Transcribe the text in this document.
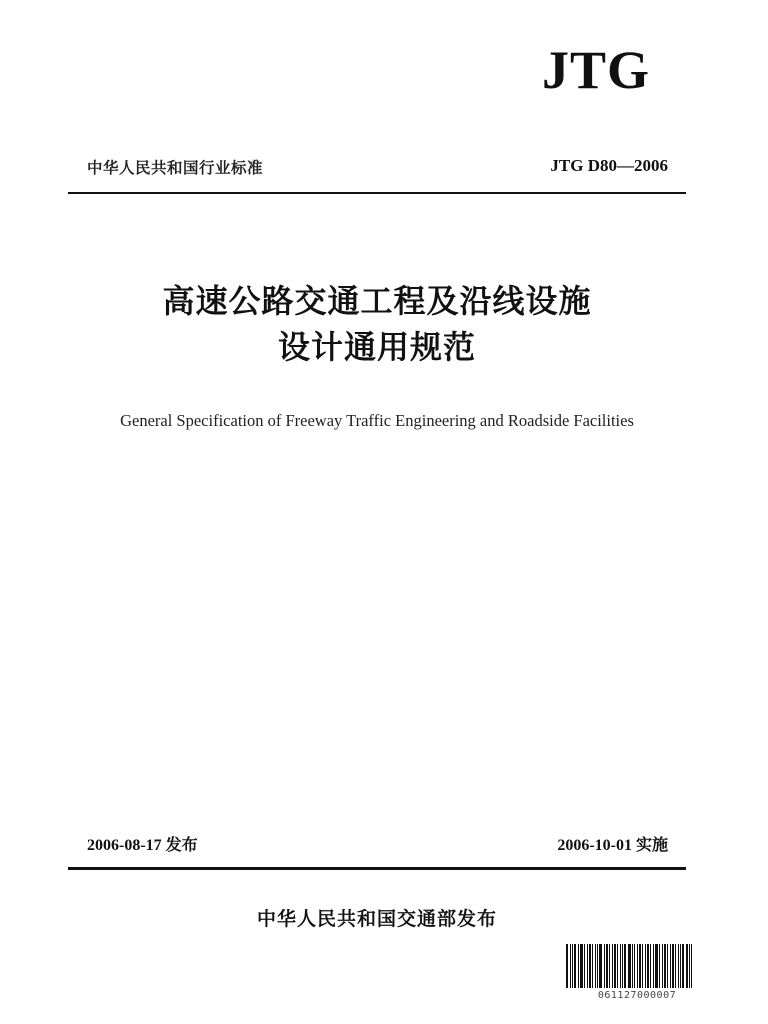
JTG
中华人民共和国行业标准	JTG D80—2006
高速公路交通工程及沿线设施
设计通用规范
General Specification of Freeway Traffic Engineering and Roadside Facilities
2006-08-17 发布	2006-10-01 实施
中华人民共和国交通部发布
061127000007
